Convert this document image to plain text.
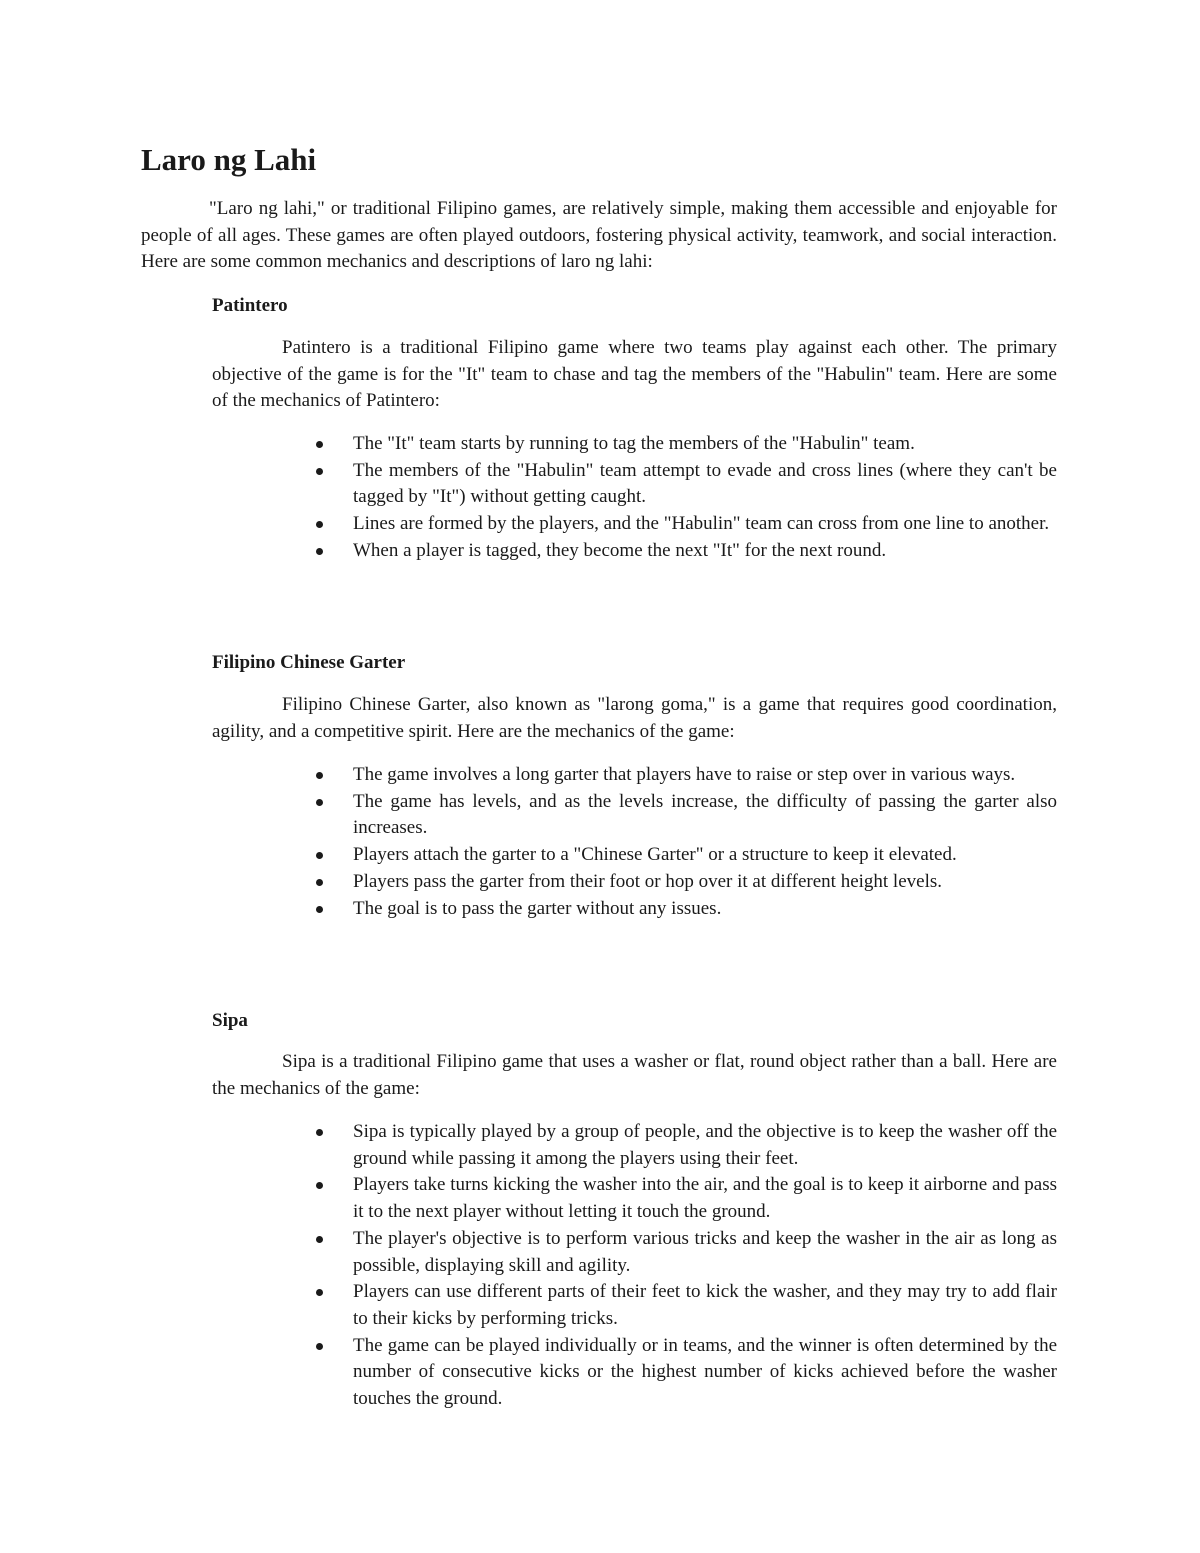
Laro ng Lahi

"Laro ng lahi," or traditional Filipino games, are relatively simple, making them accessible and enjoyable for people of all ages. These games are often played outdoors, fostering physical activity, teamwork, and social interaction. Here are some common mechanics and descriptions of laro ng lahi:

Patintero

Patintero is a traditional Filipino game where two teams play against each other. The primary objective of the game is for the "It" team to chase and tag the members of the "Habulin" team. Here are some of the mechanics of Patintero:

The "It" team starts by running to tag the members of the "Habulin" team.
The members of the "Habulin" team attempt to evade and cross lines (where they can't be tagged by "It") without getting caught.
Lines are formed by the players, and the "Habulin" team can cross from one line to another.
When a player is tagged, they become the next "It" for the next round.
Filipino Chinese Garter

Filipino Chinese Garter, also known as "larong goma," is a game that requires good coordination, agility, and a competitive spirit. Here are the mechanics of the game:

The game involves a long garter that players have to raise or step over in various ways.
The game has levels, and as the levels increase, the difficulty of passing the garter also increases.
Players attach the garter to a "Chinese Garter" or a structure to keep it elevated.
Players pass the garter from their foot or hop over it at different height levels.
The goal is to pass the garter without any issues.
Sipa

Sipa is a traditional Filipino game that uses a washer or flat, round object rather than a ball. Here are the mechanics of the game:

Sipa is typically played by a group of people, and the objective is to keep the washer off the ground while passing it among the players using their feet.
Players take turns kicking the washer into the air, and the goal is to keep it airborne and pass it to the next player without letting it touch the ground.
The player's objective is to perform various tricks and keep the washer in the air as long as possible, displaying skill and agility.
Players can use different parts of their feet to kick the washer, and they may try to add flair to their kicks by performing tricks.
The game can be played individually or in teams, and the winner is often determined by the number of consecutive kicks or the highest number of kicks achieved before the washer touches the ground.
